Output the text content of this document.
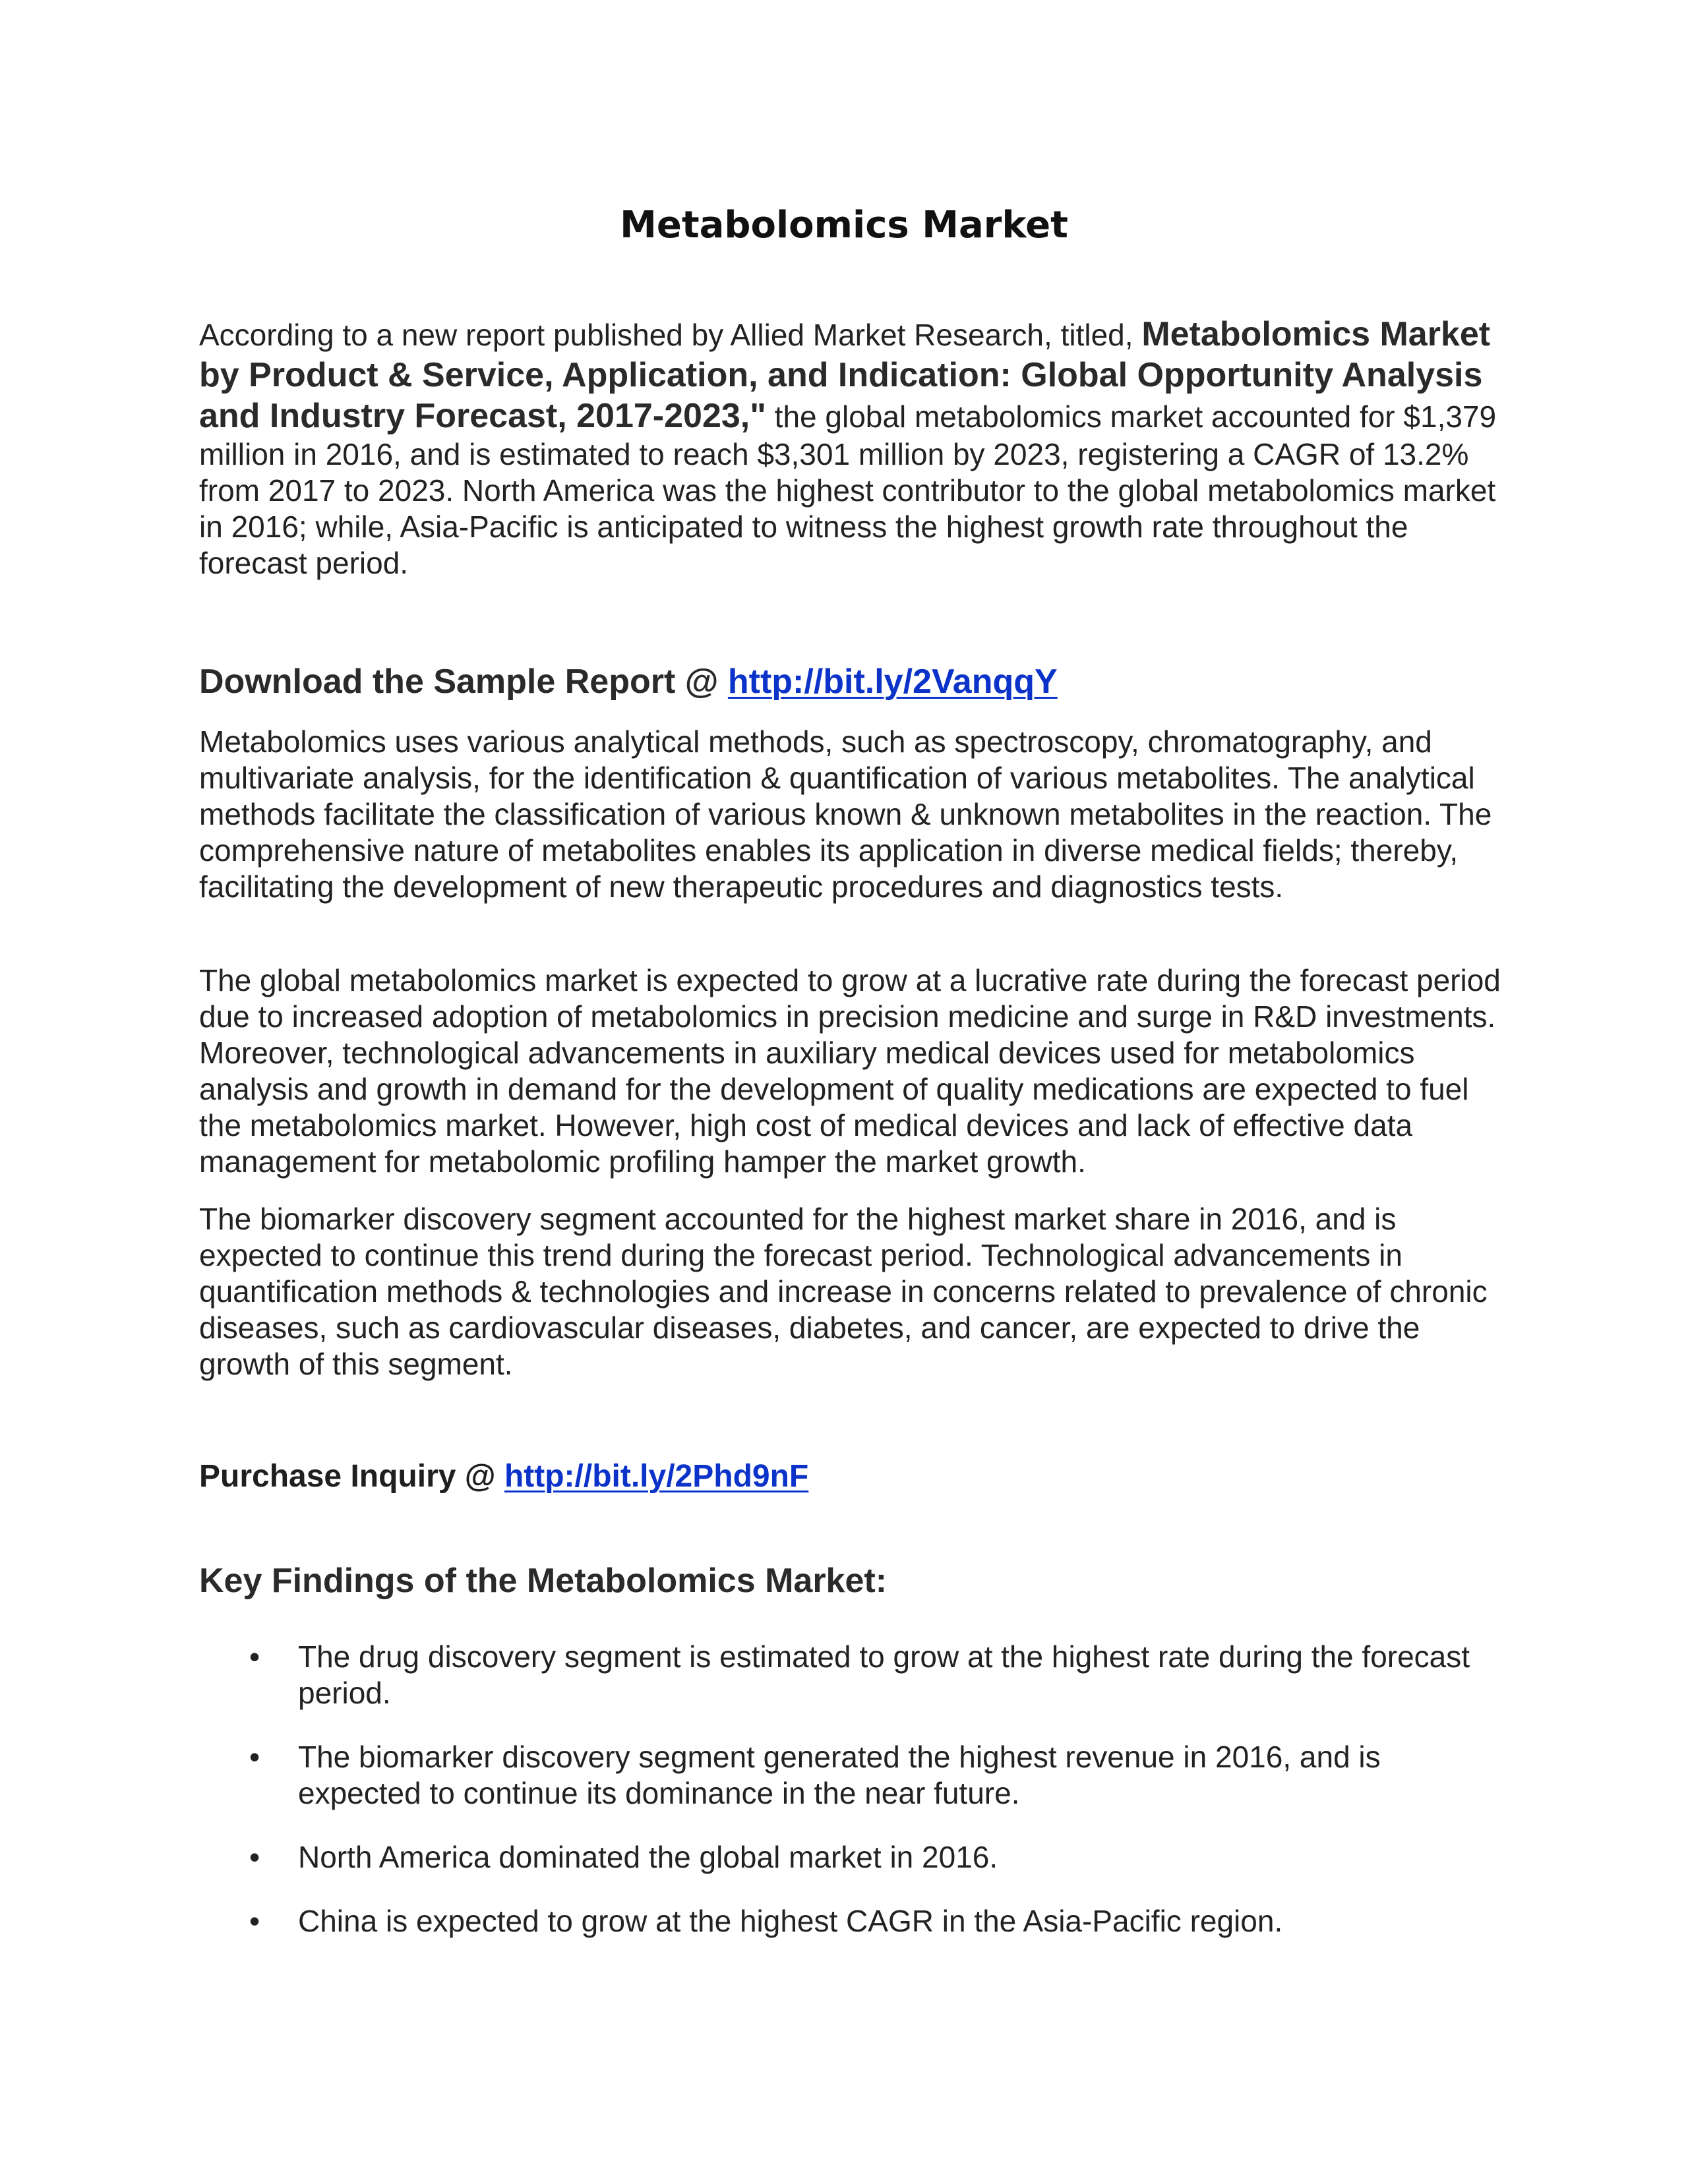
Metabolomics Market

According to a new report published by Allied Market Research, titled, Metabolomics Market by Product & Service, Application, and Indication: Global Opportunity Analysis and Industry Forecast, 2017-2023," the global metabolomics market accounted for $1,379 million in 2016, and is estimated to reach $3,301 million by 2023, registering a CAGR of 13.2% from 2017 to 2023. North America was the highest contributor to the global metabolomics market in 2016; while, Asia-Pacific is anticipated to witness the highest growth rate throughout the forecast period.

Download the Sample Report @ http://bit.ly/2VanqqY

Metabolomics uses various analytical methods, such as spectroscopy, chromatography, and multivariate analysis, for the identification & quantification of various metabolites. The analytical methods facilitate the classification of various known & unknown metabolites in the reaction. The comprehensive nature of metabolites enables its application in diverse medical fields; thereby, facilitating the development of new therapeutic procedures and diagnostics tests.

The global metabolomics market is expected to grow at a lucrative rate during the forecast period due to increased adoption of metabolomics in precision medicine and surge in R&D investments. Moreover, technological advancements in auxiliary medical devices used for metabolomics analysis and growth in demand for the development of quality medications are expected to fuel the metabolomics market. However, high cost of medical devices and lack of effective data management for metabolomic profiling hamper the market growth.

The biomarker discovery segment accounted for the highest market share in 2016, and is expected to continue this trend during the forecast period. Technological advancements in quantification methods & technologies and increase in concerns related to prevalence of chronic diseases, such as cardiovascular diseases, diabetes, and cancer, are expected to drive the growth of this segment.

Purchase Inquiry @ http://bit.ly/2Phd9nF
Key Findings of the Metabolomics Market:
• The drug discovery segment is estimated to grow at the highest rate during the forecast period.
• The biomarker discovery segment generated the highest revenue in 2016, and is expected to continue its dominance in the near future.
• North America dominated the global market in 2016.
• China is expected to grow at the highest CAGR in the Asia-Pacific region.
